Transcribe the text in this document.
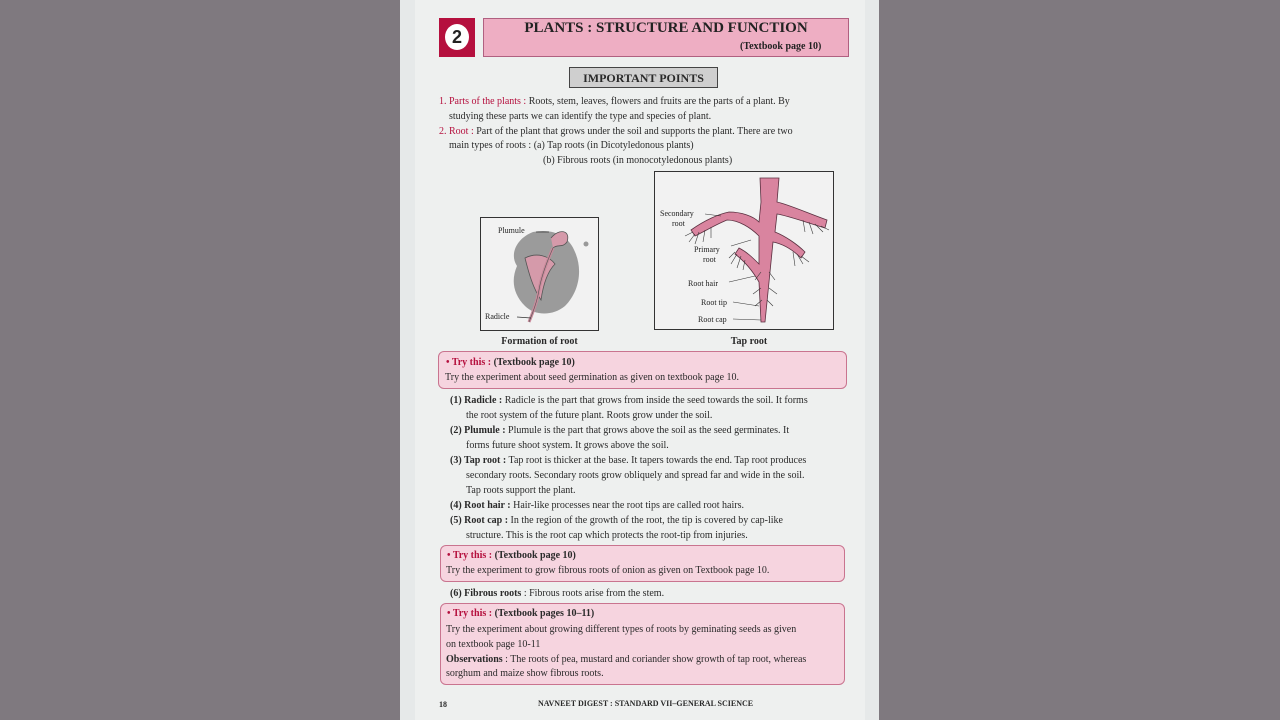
2	PLANTS : STRUCTURE AND FUNCTION
(Textbook page 10)
IMPORTANT POINTS
1. Parts of the plants : Roots, stem, leaves, flowers and fruits are the parts of a plant. By
studying these parts we can identify the type and species of plant.
2. Root : Part of the plant that grows under the soil and supports the plant. There are two
main types of roots : (a) Tap roots (in Dicotyledonous plants)
(b) Fibrous roots (in monocotyledonous plants)
Plumule
Radicle
Formation of root
Secondary
root
Primary
root
Root hair
Root tip
Root cap
Tap root
• Try this : (Textbook page 10)
Try the experiment about seed germination as given on textbook page 10.
(1) Radicle : Radicle is the part that grows from inside the seed towards the soil. It forms
the root system of the future plant. Roots grow under the soil.
(2) Plumule : Plumule is the part that grows above the soil as the seed germinates. It
forms future shoot system. It grows above the soil.
(3) Tap root : Tap root is thicker at the base. It tapers towards the end. Tap root produces
secondary roots. Secondary roots grow obliquely and spread far and wide in the soil.
Tap roots support the plant.
(4) Root hair : Hair-like processes near the root tips are called root hairs.
(5) Root cap : In the region of the growth of the root, the tip is covered by cap-like
structure. This is the root cap which protects the root-tip from injuries.
• Try this : (Textbook page 10)
Try the experiment to grow fibrous roots of onion as given on Textbook page 10.
(6) Fibrous roots : Fibrous roots arise from the stem.
• Try this : (Textbook pages 10–11)
Try the experiment about growing different types of roots by geminating seeds as given
on textbook page 10-11
Observations : The roots of pea, mustard and coriander show growth of tap root, whereas
sorghum and maize show fibrous roots.
18	NAVNEET DIGEST : STANDARD VII–GENERAL SCIENCE
